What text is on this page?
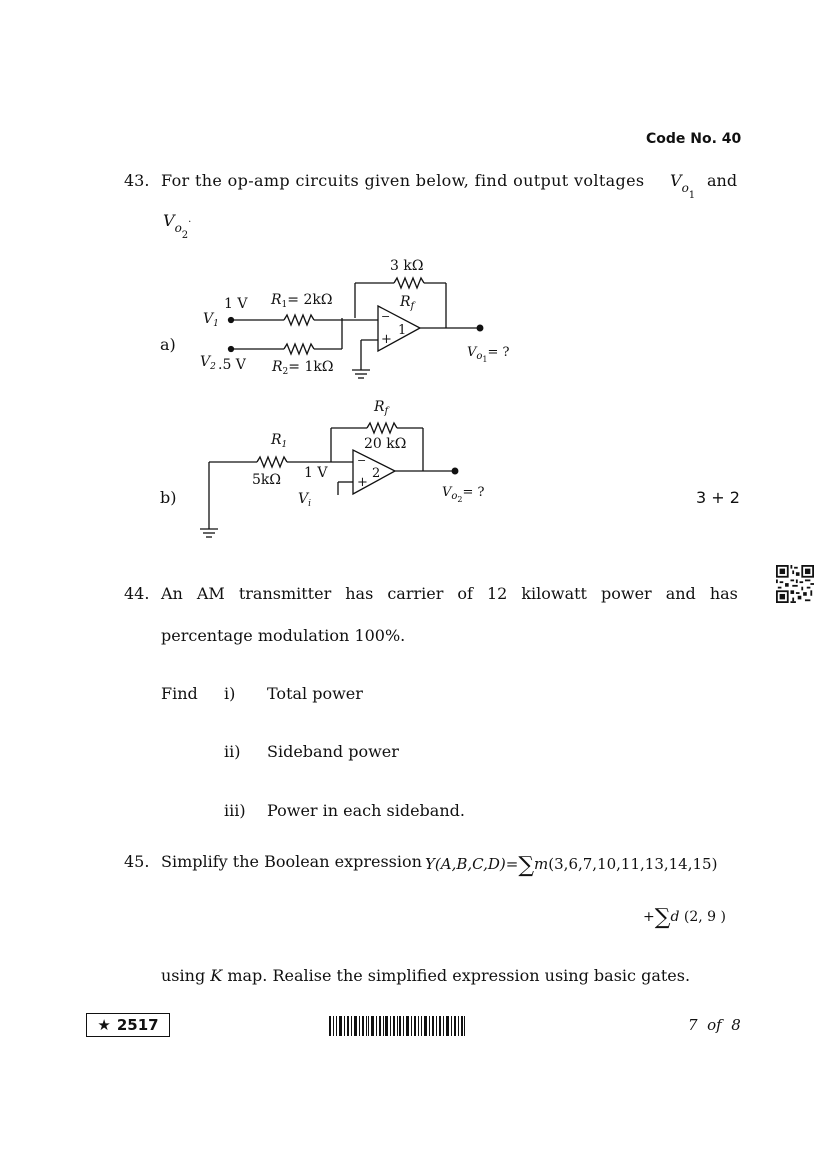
Code No. 40
43. For the op-amp circuits given below, find output voltages $V_{o1}$
and
$V_{o2}^.$
a)
b)	3 + 2
−
+
1
3 kΩ
$R_f$
$R_1= 2k\Omega$
$R_2= 1k\Omega$
1 V
$V_1$
$V_2$ .5 V
$V_{o1}=$ ?
−
+
2
$R_f$
20 kΩ
$R_1$
5kΩ 1 V
$V_i$
$V_{o2}=$ ?
44. An AM transmitter has carrier of 12 kilowatt power and has
percentage modulation 100%.
Find i) Total power
ii) Sideband power
iii) Power in each sideband.
45. Simplify the Boolean expression Y(A,B,C,D)=∑m(3,6,7,10,11,13,14,15)
+∑d (2, 9 )
using K map. Realise the simplified expression using basic gates.
★ 2517	7  of  8
